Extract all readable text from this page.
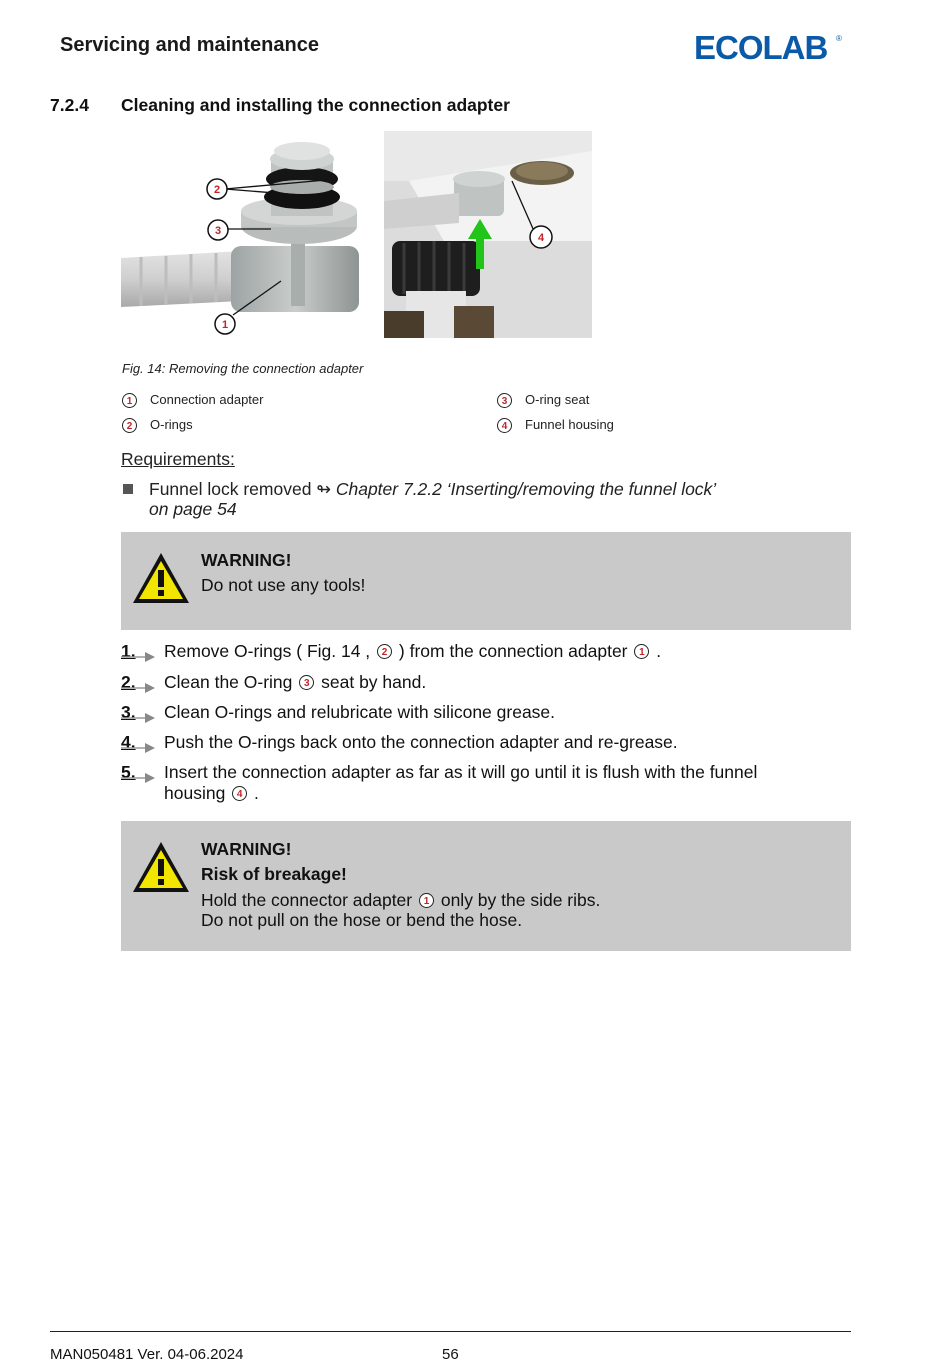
Servicing and maintenance	ECOLAB ®
7.2.4 Cleaning and installing the connection adapter
2
3
1
4
Fig. 14: Removing the connection adapter
1	Connection adapter
2	O-rings
3	O-ring seat
4	Funnel housing
Requirements:
Funnel lock removed ↬ Chapter 7.2.2 ‘Inserting/removing the funnel lock’
on page 54
WARNING!
Do not use any tools!
1. Remove O-rings ( Fig. 14 , 2 ) from the connection adapter 1 .
2. Clean the O-ring 3 seat by hand.
3. Clean O-rings and relubricate with silicone grease.
4. Push the O-rings back onto the connection adapter and re-grease.
5. Insert the connection adapter as far as it will go until it is flush with the funnel
housing 4 .
WARNING!
Risk of breakage!
Hold the connector adapter 1 only by the side ribs.
Do not pull on the hose or bend the hose.
MAN050481 Ver. 04-06.2024	56
